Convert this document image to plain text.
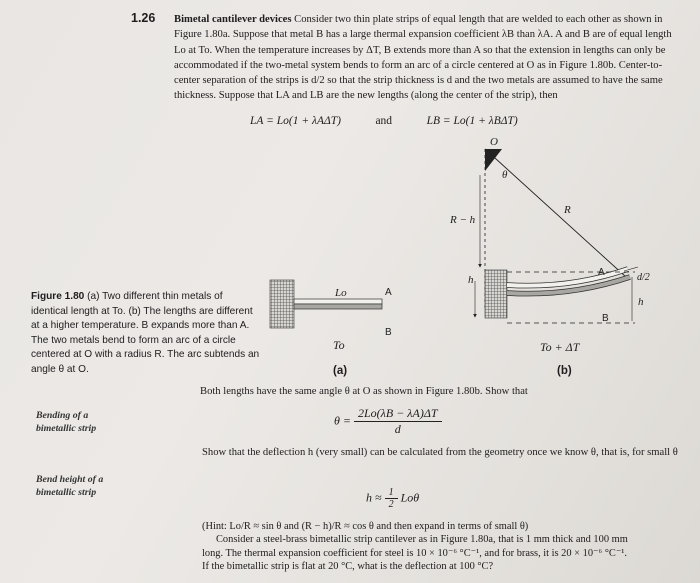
1.26 Bimetal cantilever devices Consider two thin plate strips of equal length that are welded to each other as shown in Figure 1.80a. Suppose that metal B has a large thermal expansion coefficient λB than λA. A and B are of equal length Lo at To. When the temperature increases by ΔT, B extends more than A so that the extension in lengths can only be accommodated if the two-metal system bends to form an arc of a circle centered at O as in Figure 1.80b. Center-to-center separation of the strips is d/2 so that the strip thickness is d and the two metals are assumed to have the same thickness. Suppose that LA and LB are the new lengths (along the center of the strip), then
LA = Lo(1 + λAΔT)	and	LB = Lo(1 + λBΔT)
Figure 1.80 (a) Two different thin metals of identical length at To. (b) The lengths are different at a higher temperature. B expands more than A. The two metals bend to form an arc of a circle centered at O with a radius R. The arc subtends an angle θ at O.
Lo	A
B
To
O
θ
R
R − h
h
h
d/2
A
B
To + ΔT
(a)	(b)
Both lengths have the same angle θ at O as shown in Figure 1.80b. Show that
Bending of a bimetallic strip
$\theta = \frac{2Lo(\lambda B - \lambda A)\Delta T}{d}$
Show that the deflection h (very small) can be calculated from the geometry once we know θ, that is, for small θ
Bend height of a bimetallic strip	$h \approx \frac{1}{2}$ Loθ

(Hint: Lo/R ≈ sin θ and (R − h)/R ≈ cos θ and then expand in terms of small θ)

Consider a steel-brass bimetallic strip cantilever as in Figure 1.80a, that is 1 mm thick and 100 mm

long. The thermal expansion coefficient for steel is 10 × 10⁻⁶ °C⁻¹, and for brass, it is 20 × 10⁻⁶ °C⁻¹.

If the bimetallic strip is flat at 20 °C, what is the deflection at 100 °C?
